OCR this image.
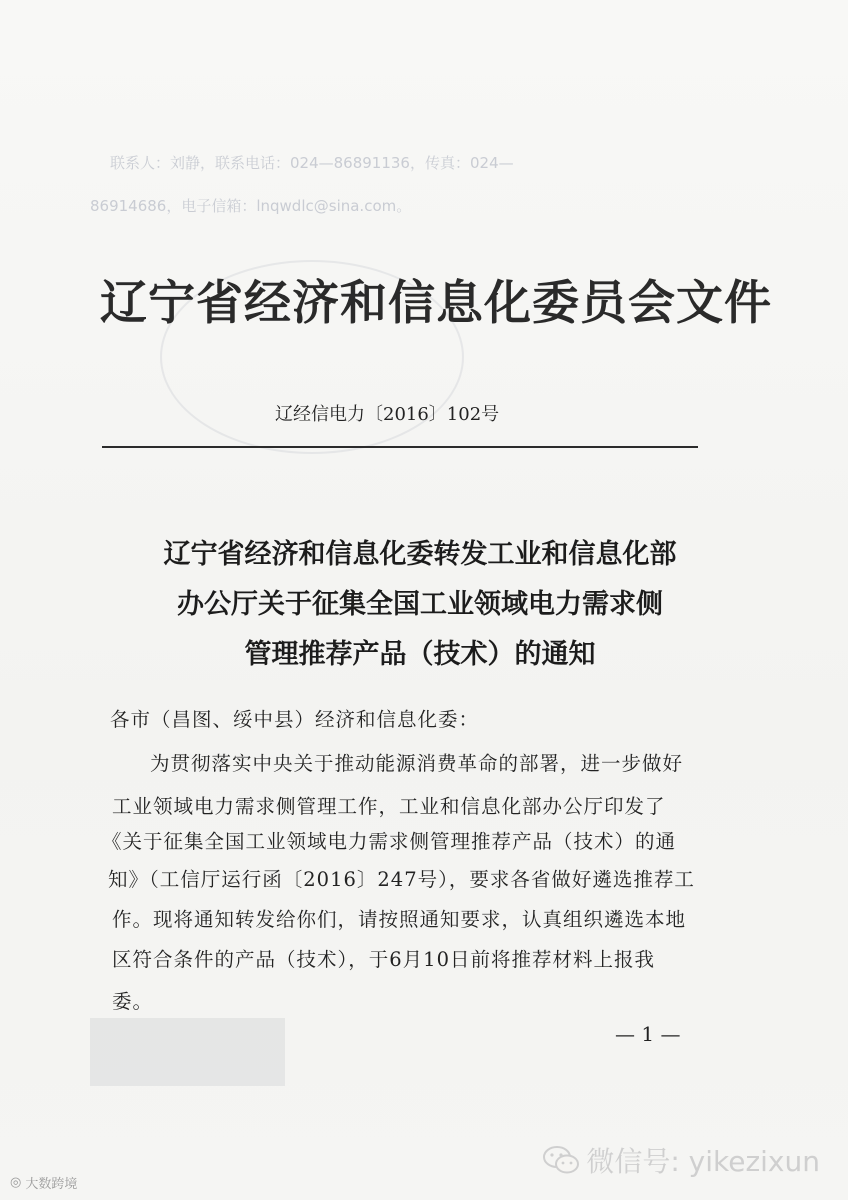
联系人：刘静，联系电话：024—86891136，传真：024—
86914686，电子信箱：lnqwdlc@sina.com。
辽宁省经济和信息化委员会文件
辽经信电力〔2016〕102号
辽宁省经济和信息化委转发工业和信息化部
办公厅关于征集全国工业领域电力需求侧
管理推荐产品（技术）的通知
各市（昌图、绥中县）经济和信息化委：
为贯彻落实中央关于推动能源消费革命的部署，进一步做好
工业领域电力需求侧管理工作，工业和信息化部办公厅印发了
《关于征集全国工业领域电力需求侧管理推荐产品（技术）的通
知》（工信厅运行函〔2016〕247号），要求各省做好遴选推荐工
作。现将通知转发给你们，请按照通知要求，认真组织遴选本地
区符合条件的产品（技术），于6月10日前将推荐材料上报我
委。
— 1 —
◎ 大数跨境
微信号: yikezixun
